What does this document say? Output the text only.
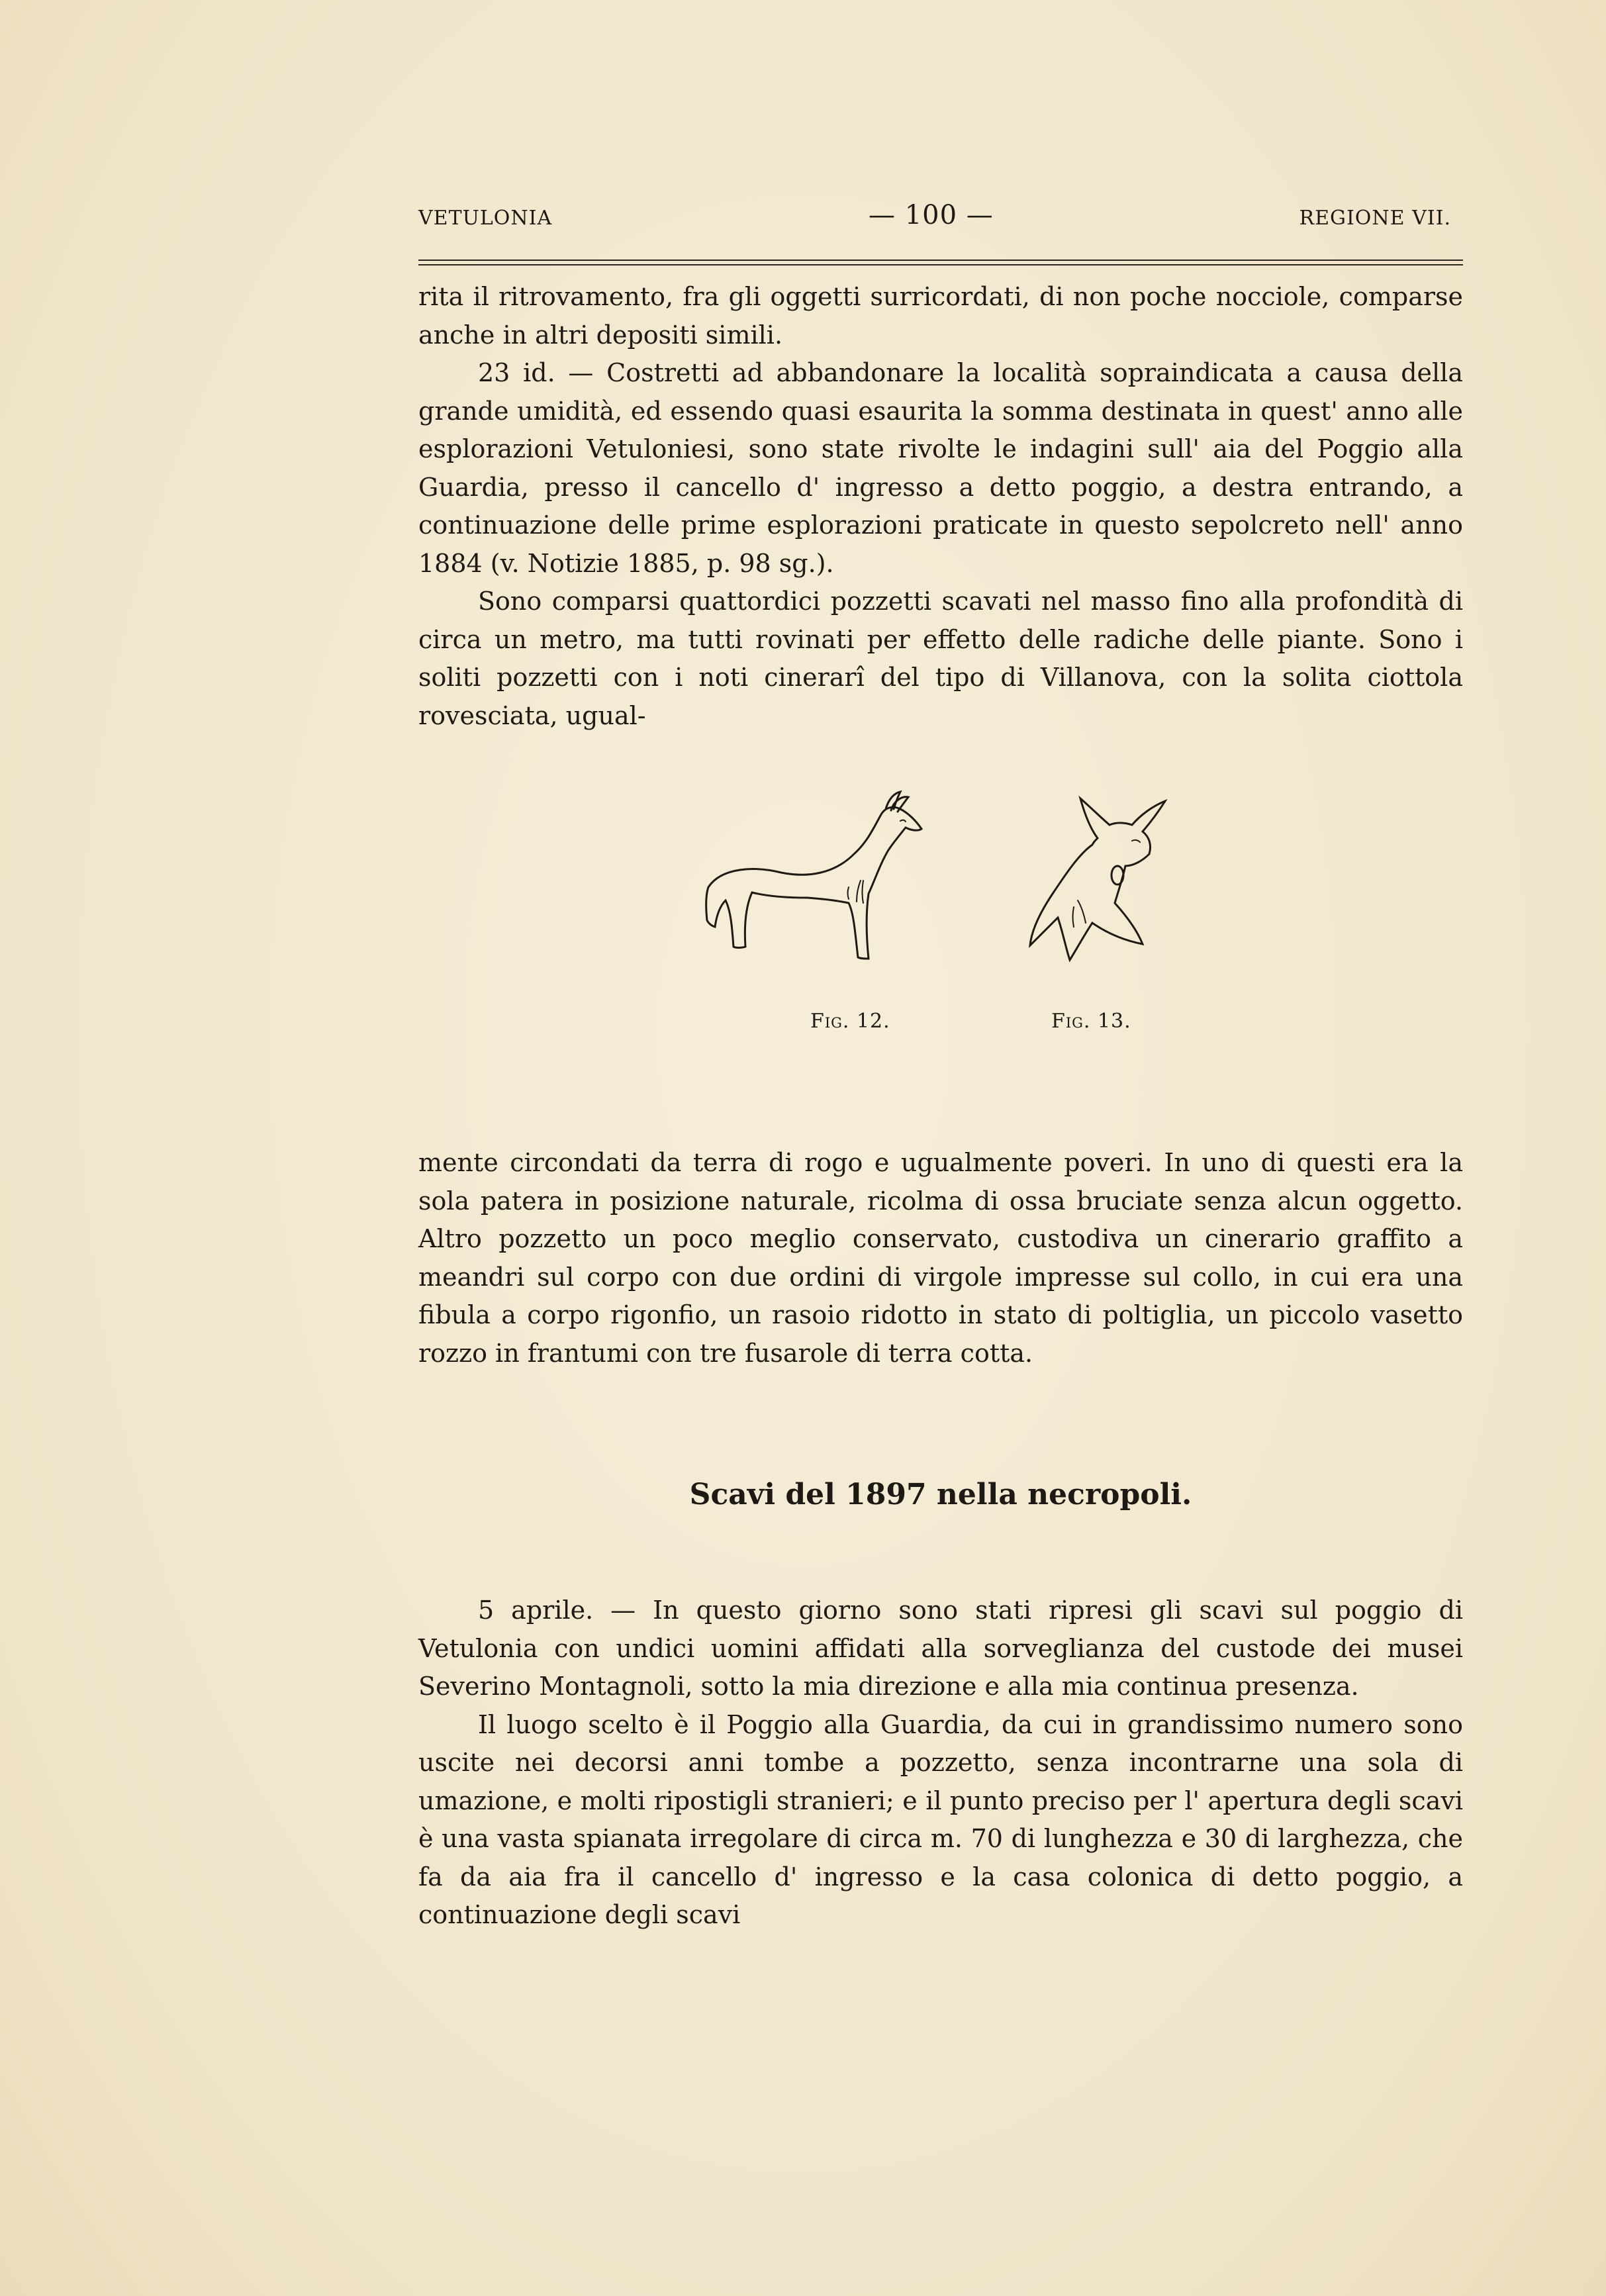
VETULONIA	— 100 —	REGIONE VII.

rita il ritrovamento, fra gli oggetti surricordati, di non poche nocciole, comparse anche in altri depositi simili.

23 id. — Costretti ad abbandonare la località sopraindicata a causa della grande umidità, ed essendo quasi esaurita la somma destinata in quest' anno alle esplorazioni Vetuloniesi, sono state rivolte le indagini sull' aia del Poggio alla Guardia, presso il cancello d' ingresso a detto poggio, a destra entrando, a continuazione delle prime esplorazioni praticate in questo sepolcreto nell' anno 1884 (v. Notizie 1885, p. 98 sg.).

Sono comparsi quattordici pozzetti scavati nel masso fino alla profondità di circa un metro, ma tutti rovinati per effetto delle radiche delle piante. Sono i soliti pozzetti con i noti cinerarî del tipo di Villanova, con la solita ciottola rovesciata, ugual-

Fig. 12.	Fig. 13.

mente circondati da terra di rogo e ugualmente poveri. In uno di questi era la sola patera in posizione naturale, ricolma di ossa bruciate senza alcun oggetto. Altro pozzetto un poco meglio conservato, custodiva un cinerario graffito a meandri sul corpo con due ordini di virgole impresse sul collo, in cui era una fibula a corpo rigonfio, un rasoio ridotto in stato di poltiglia, un piccolo vasetto rozzo in frantumi con tre fusarole di terra cotta.

Scavi del 1897 nella necropoli.

5 aprile. — In questo giorno sono stati ripresi gli scavi sul poggio di Vetulonia con undici uomini affidati alla sorveglianza del custode dei musei Severino Montagnoli, sotto la mia direzione e alla mia continua presenza.

Il luogo scelto è il Poggio alla Guardia, da cui in grandissimo numero sono uscite nei decorsi anni tombe a pozzetto, senza incontrarne una sola di umazione, e molti ripostigli stranieri; e il punto preciso per l' apertura degli scavi è una vasta spianata irregolare di circa m. 70 di lunghezza e 30 di larghezza, che fa da aia fra il cancello d' ingresso e la casa colonica di detto poggio, a continuazione degli scavi
